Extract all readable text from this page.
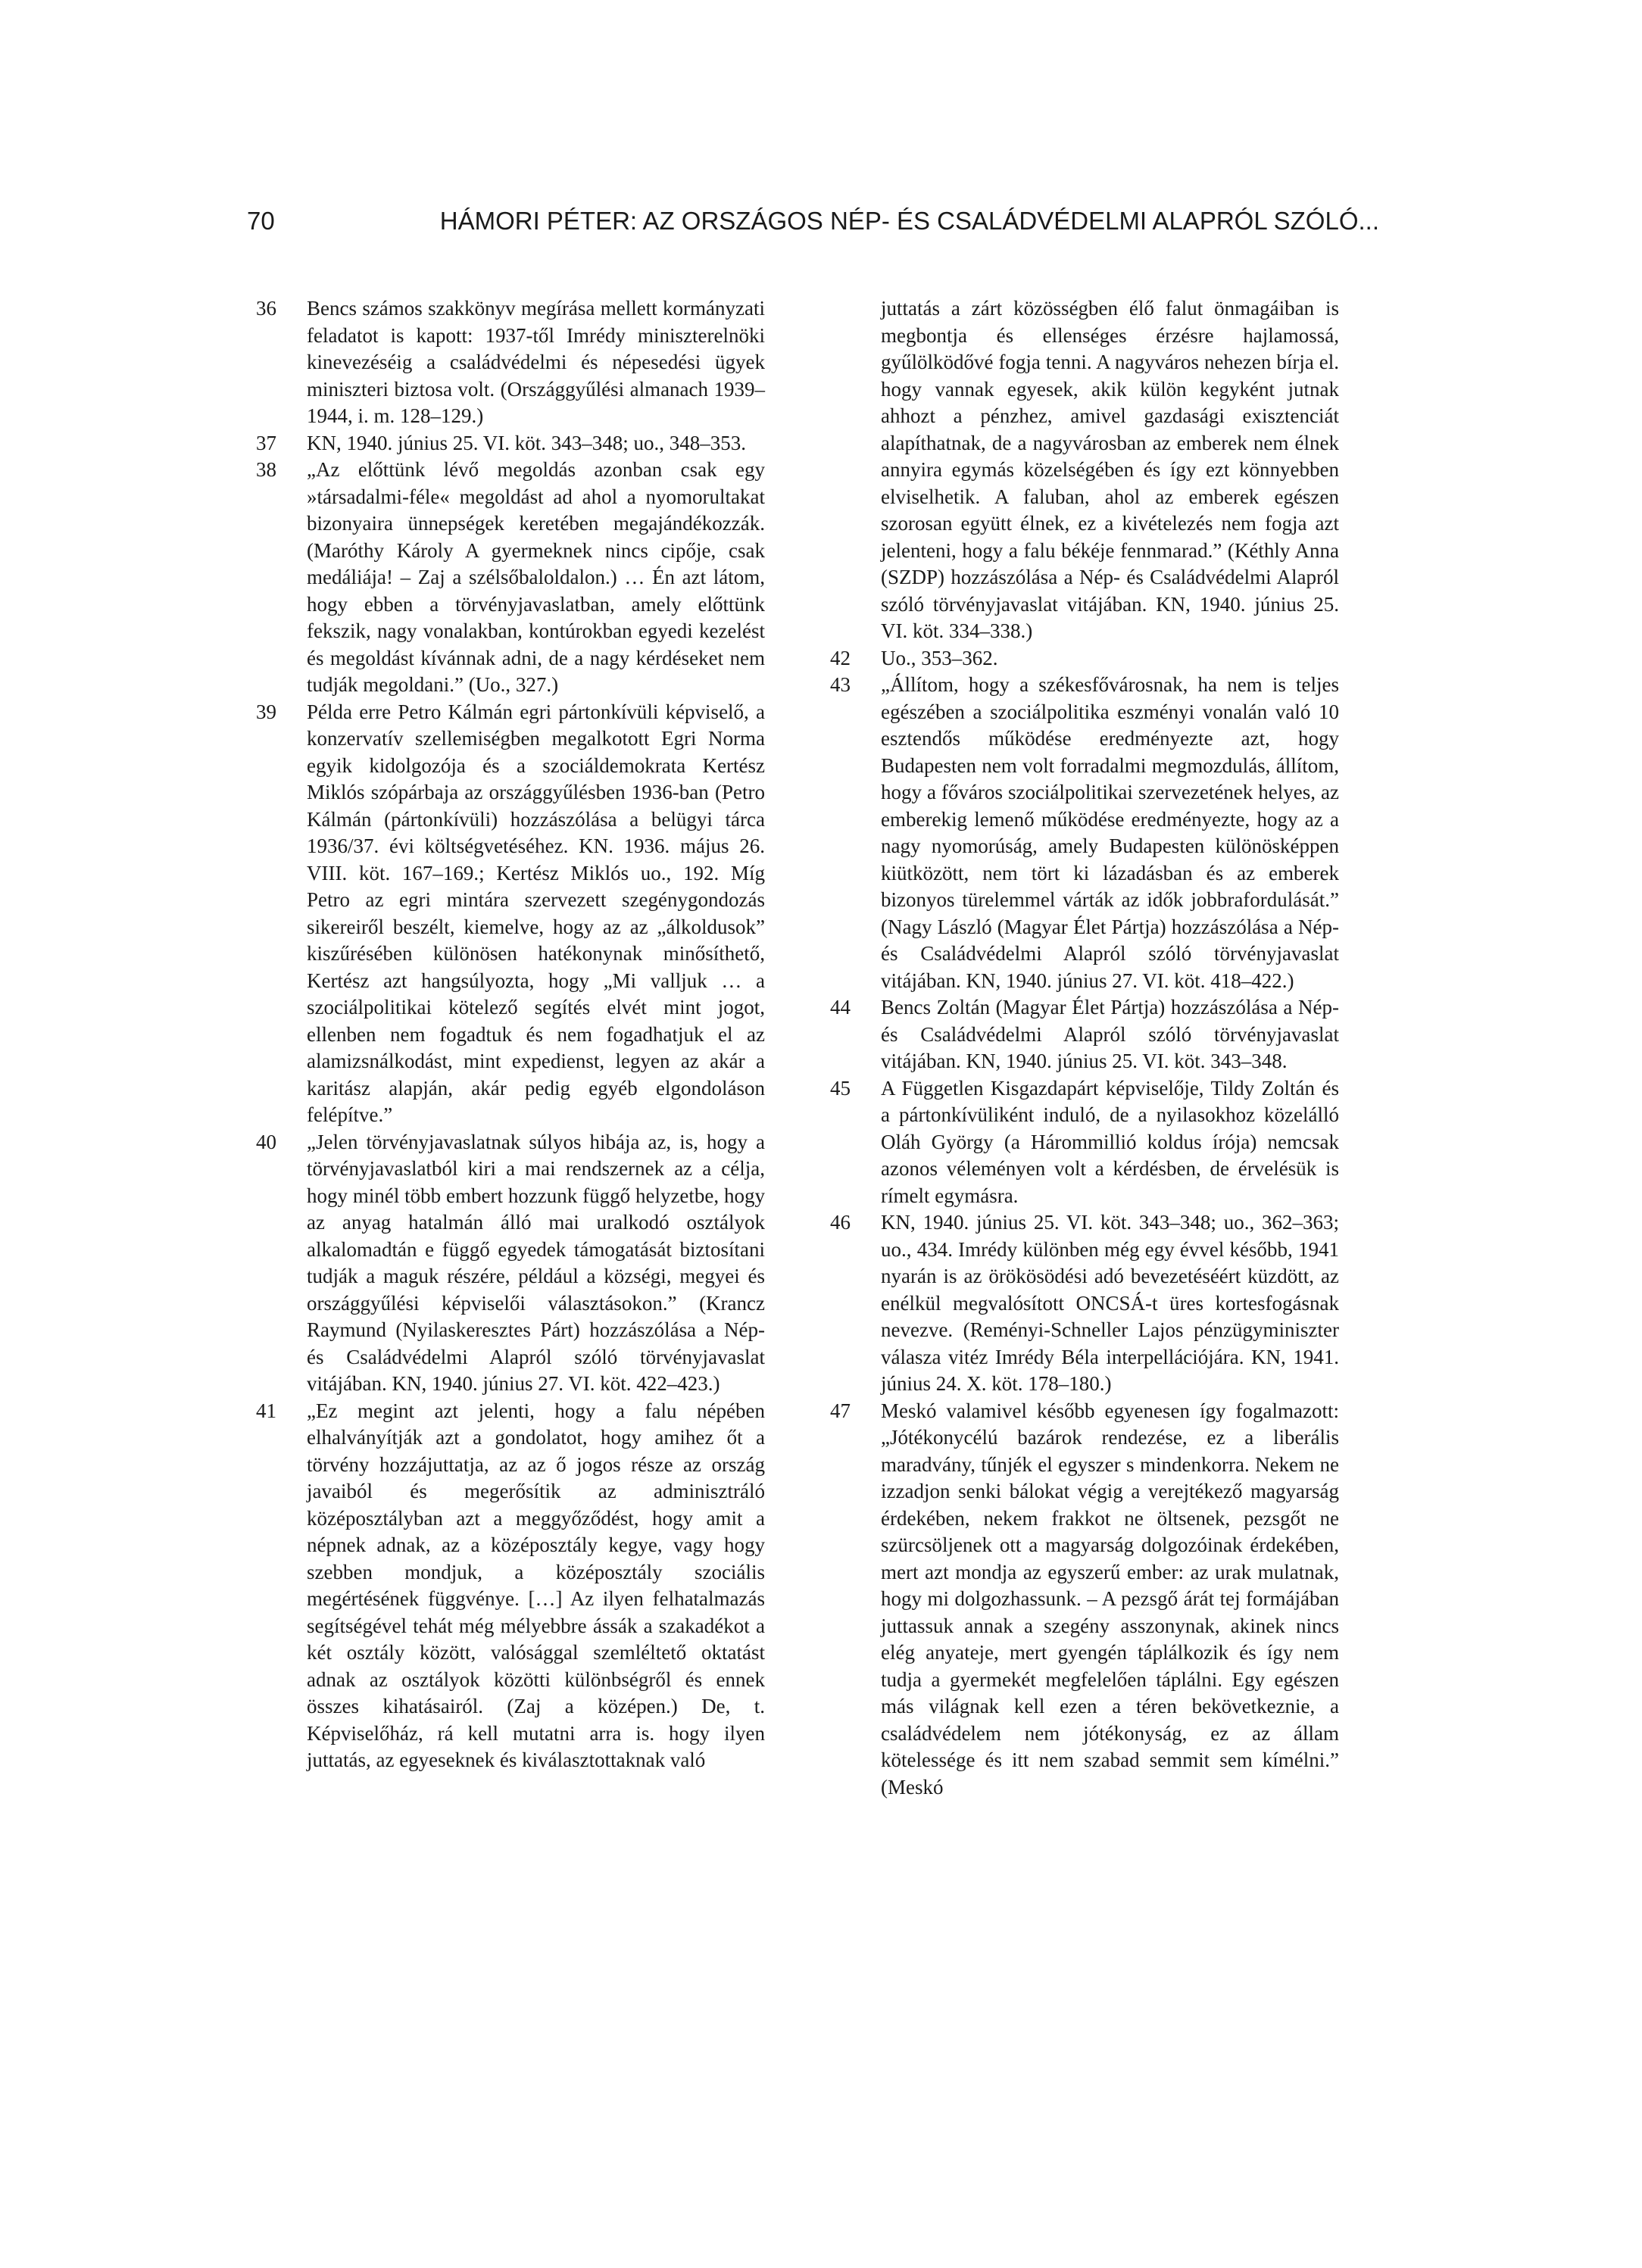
70	HÁMORI PÉTER: AZ ORSZÁGOS NÉP- ÉS CSALÁDVÉDELMI ALAPRÓL SZÓLÓ...
36	Bencs számos szakkönyv megírása mellett kormányzati feladatot is kapott: 1937-től Imrédy miniszterelnöki kinevezéséig a családvédelmi és népesedési ügyek miniszteri biztosa volt. (Országgyűlési almanach 1939–1944, i. m. 128–129.)
37	KN, 1940. június 25. VI. köt. 343–348; uo., 348–353.
38	„Az előttünk lévő megoldás azonban csak egy »társadalmi-féle« megoldást ad ahol a nyomorultakat bizonyaira ünnepségek keretében megajándékozzák. (Maróthy Károly A gyermeknek nincs cipője, csak medáliája! – Zaj a szélsőbaloldalon.) … Én azt látom, hogy ebben a törvényjavaslatban, amely előttünk fekszik, nagy vonalakban, kontúrokban egyedi kezelést és megoldást kívánnak adni, de a nagy kérdéseket nem tudják megoldani.” (Uo., 327.)
39	Példa erre Petro Kálmán egri pártonkívüli képviselő, a konzervatív szellemiségben megalkotott Egri Norma egyik kidolgozója és a szociáldemokrata Kertész Miklós szópárbaja az országgyűlésben 1936-ban (Petro Kálmán (pártonkívüli) hozzászólása a belügyi tárca 1936/37. évi költségvetéséhez. KN. 1936. május 26. VIII. köt. 167–169.; Kertész Miklós uo., 192. Míg Petro az egri mintára szervezett szegénygondozás sikereiről beszélt, kiemelve, hogy az az „álkoldusok” kiszűrésében különösen hatékonynak minősíthető, Kertész azt hangsúlyozta, hogy „Mi valljuk … a szociálpolitikai kötelező segítés elvét mint jogot, ellenben nem fogadtuk és nem fogadhatjuk el az alamizsnálkodást, mint expedienst, legyen az akár a karitász alapján, akár pedig egyéb elgondoláson felépítve.”
40	„Jelen törvényjavaslatnak súlyos hibája az, is, hogy a törvényjavaslatból kiri a mai rendszernek az a célja, hogy minél több embert hozzunk függő helyzetbe, hogy az anyag hatalmán álló mai uralkodó osztályok alkalomadtán e függő egyedek támogatását biztosítani tudják a maguk részére, például a községi, megyei és országgyűlési képviselői választásokon.” (Krancz Raymund (Nyilaskeresztes Párt) hozzászólása a Nép- és Családvédelmi Alapról szóló törvényjavaslat vitájában. KN, 1940. június 27. VI. köt. 422–423.)
41	„Ez megint azt jelenti, hogy a falu népében elhalványítják azt a gondolatot, hogy amihez őt a törvény hozzájuttatja, az az ő jogos része az ország javaiból és megerősítik az adminisztráló középosztályban azt a meggyőződést, hogy amit a népnek adnak, az a középosztály kegye, vagy hogy szebben mondjuk, a középosztály szociális megértésének függvénye. […] Az ilyen felhatalmazás segítségével tehát még mélyebbre ássák a szakadékot a két osztály között, valósággal szemléltető oktatást adnak az osztályok közötti különbségről és ennek összes kihatásairól. (Zaj a középen.) De, t. Képviselőház, rá kell mutatni arra is. hogy ilyen juttatás, az egyeseknek és kiválasztottaknak való
juttatás a zárt közösségben élő falut önmagáiban is megbontja és ellenséges érzésre hajlamossá, gyűlölködővé fogja tenni. A nagyváros nehezen bírja el. hogy vannak egyesek, akik külön kegyként jutnak ahhozt a pénzhez, amivel gazdasági exisztenciát alapíthatnak, de a nagyvárosban az emberek nem élnek annyira egymás közelségében és így ezt könnyebben elviselhetik. A faluban, ahol az emberek egészen szorosan együtt élnek, ez a kivételezés nem fogja azt jelenteni, hogy a falu békéje fennmarad.” (Kéthly Anna (SZDP) hozzászólása a Nép- és Családvédelmi Alapról szóló törvényjavaslat vitájában. KN, 1940. június 25. VI. köt. 334–338.)
42	Uo., 353–362.
43	„Állítom, hogy a székesfővárosnak, ha nem is teljes egészében a szociálpolitika eszményi vonalán való 10 esztendős működése eredményezte azt, hogy Budapesten nem volt forradalmi megmozdulás, állítom, hogy a főváros szociálpolitikai szervezetének helyes, az emberekig lemenő működése eredményezte, hogy az a nagy nyomorúság, amely Budapesten különösképpen kiütközött, nem tört ki lázadásban és az emberek bizonyos türelemmel várták az idők jobbrafordulását.” (Nagy László (Magyar Élet Pártja) hozzászólása a Nép- és Családvédelmi Alapról szóló törvényjavaslat vitájában. KN, 1940. június 27. VI. köt. 418–422.)
44	Bencs Zoltán (Magyar Élet Pártja) hozzászólása a Nép- és Családvédelmi Alapról szóló törvényjavaslat vitájában. KN, 1940. június 25. VI. köt. 343–348.
45	A Független Kisgazdapárt képviselője, Tildy Zoltán és a pártonkívüliként induló, de a nyilasokhoz közelálló Oláh György (a Hárommillió koldus írója) nemcsak azonos véleményen volt a kérdésben, de érvelésük is rímelt egymásra.
46	KN, 1940. június 25. VI. köt. 343–348; uo., 362–363; uo., 434. Imrédy különben még egy évvel később, 1941 nyarán is az örökösödési adó bevezetéséért küzdött, az enélkül megvalósított ONCSÁ-t üres kortesfogásnak nevezve. (Reményi-Schneller Lajos pénzügyminiszter válasza vitéz Imrédy Béla interpellációjára. KN, 1941. június 24. X. köt. 178–180.)
47	Meskó valamivel később egyenesen így fogalmazott: „Jótékonycélú bazárok rendezése, ez a liberális maradvány, tűnjék el egyszer s mindenkorra. Nekem ne izzadjon senki bálokat végig a verejtékező magyarság érdekében, nekem frakkot ne öltsenek, pezsgőt ne szürcsöljenek ott a magyarság dolgozóinak érdekében, mert azt mondja az egyszerű ember: az urak mulatnak, hogy mi dolgozhassunk. – A pezsgő árát tej formájában juttassuk annak a szegény asszonynak, akinek nincs elég anyateje, mert gyengén táplálkozik és így nem tudja a gyermekét megfelelően táplálni. Egy egészen más világnak kell ezen a téren bekövetkeznie, a családvédelem nem jótékonyság, ez az állam kötelessége és itt nem szabad semmit sem kímélni.” (Meskó
